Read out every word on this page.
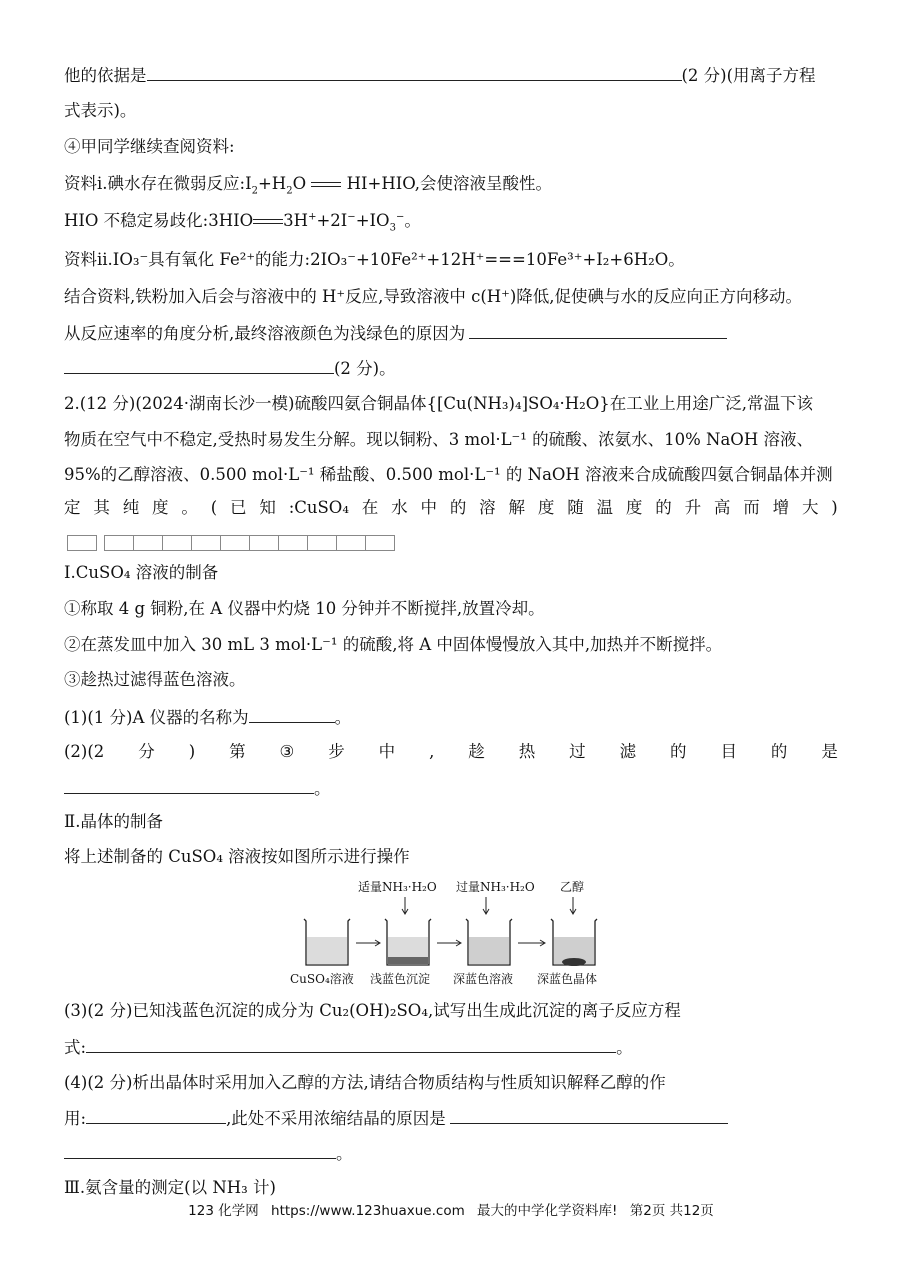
他的依据是	(2 分)(用离子方程
式表示)。
④甲同学继续查阅资料:
资料ⅰ.碘水存在微弱反应$:I_2+H_2O$  HI+HIO,会使溶液呈酸性。
HIO 不稳定易歧化:3HIO $3H^++2I^-+IO_3^-$。
资料ⅱ.IO₃⁻具有氧化 Fe²⁺的能力:2IO₃⁻+10Fe²⁺+12H⁺===10Fe³⁺+I₂+6H₂O。
结合资料,铁粉加入后会与溶液中的 H⁺反应,导致溶液中 c(H⁺)降低,促使碘与水的反应向正方向移动。
从反应速率的角度分析,最终溶液颜色为浅绿色的原因为
(2 分)。
2.(12 分)(2024·湖南长沙一模)硫酸四氨合铜晶体{[Cu(NH₃)₄]SO₄·H₂O}在工业上用途广泛,常温下该
物质在空气中不稳定,受热时易发生分解。现以铜粉、3 mol·L⁻¹ 的硫酸、浓氨水、10% NaOH 溶液、
95%的乙醇溶液、0.500 mol·L⁻¹ 稀盐酸、0.500 mol·L⁻¹ 的 NaOH 溶液来合成硫酸四氨合铜晶体并测
定 其 纯 度 。 ( 已 知 :CuSO₄ 在 水 中 的 溶 解 度 随 温 度 的 升 高 而 增 大 )
Ⅰ.CuSO₄ 溶液的制备
①称取 4 g 铜粉,在 A 仪器中灼烧 10 分钟并不断搅拌,放置冷却。
②在蒸发皿中加入 30 mL 3 mol·L⁻¹ 的硫酸,将 A 中固体慢慢放入其中,加热并不断搅拌。
③趁热过滤得蓝色溶液。
(1)(1 分)A 仪器的名称为	。
(2)(2 分 ) 第 ③ 步 中 , 趁 热 过 滤 的 目 的 是
。
Ⅱ.晶体的制备
将上述制备的 CuSO₄ 溶液按如图所示进行操作
适量NH₃·H₂O 过量NH₃·H₂O 乙醇
CuSO₄溶液 浅蓝色沉淀 深蓝色溶液 深蓝色晶体
(3)(2 分)已知浅蓝色沉淀的成分为 Cu₂(OH)₂SO₄,试写出生成此沉淀的离子反应方程
式:	。
(4)(2 分)析出晶体时采用加入乙醇的方法,请结合物质结构与性质知识解释乙醇的作
用:	,此处不采用浓缩结晶的原因是
。
Ⅲ.氨含量的测定(以 NH₃ 计)
123 化学网 https://www.123huaxue.com 最大的中学化学资料库! 第2页 共12页
